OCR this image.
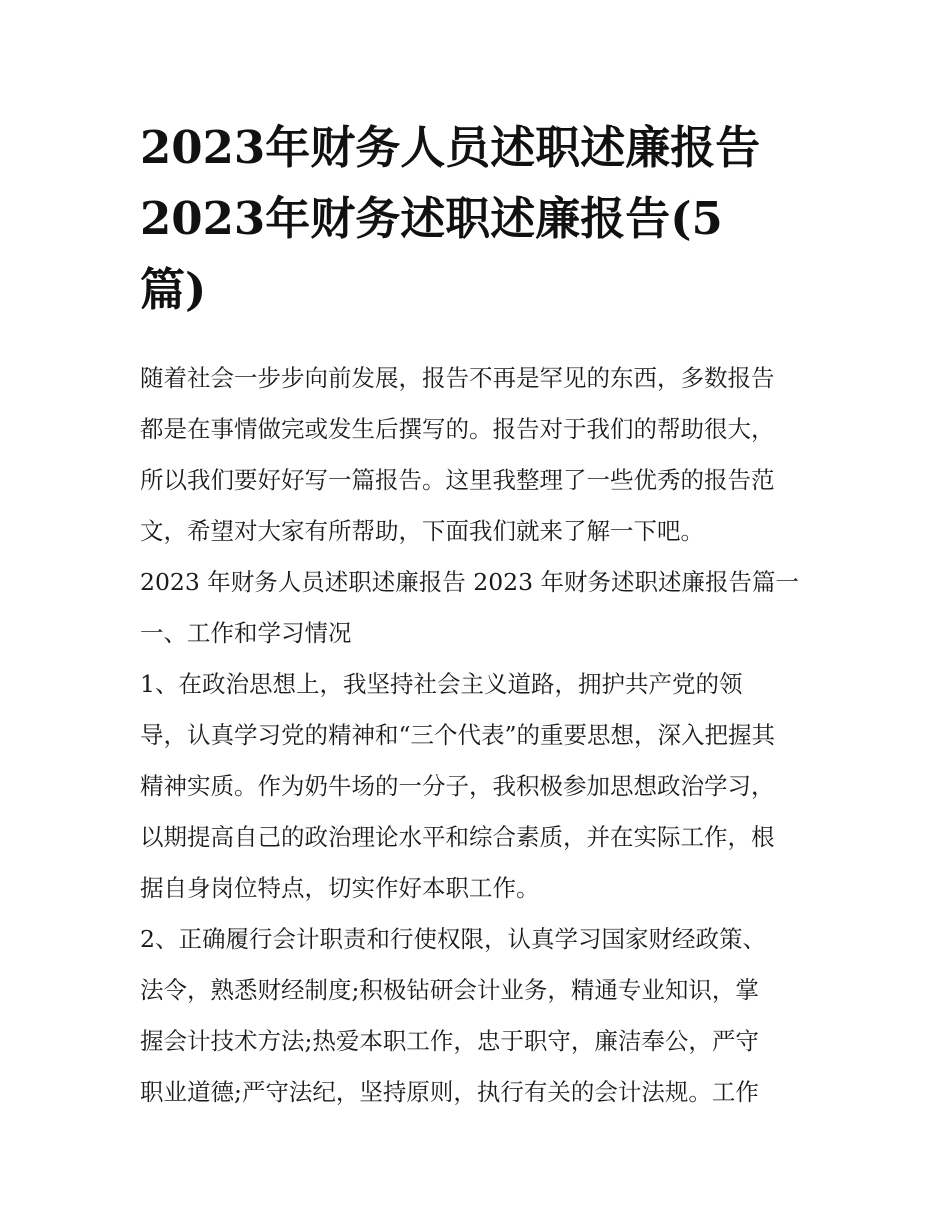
2023年财务人员述职述廉报告
2023年财务述职述廉报告(5
篇)
随着社会一步步向前发展，报告不再是罕见的东西，多数报告
都是在事情做完或发生后撰写的。报告对于我们的帮助很大，
所以我们要好好写一篇报告。这里我整理了一些优秀的报告范
文，希望对大家有所帮助，下面我们就来了解一下吧。
2023 年财务人员述职述廉报告 2023 年财务述职述廉报告篇一
一、工作和学习情况
1、在政治思想上，我坚持社会主义道路，拥护共产党的领
导，认真学习党的精神和“三个代表”的重要思想，深入把握其
精神实质。作为奶牛场的一分子，我积极参加思想政治学习，
以期提高自己的政治理论水平和综合素质，并在实际工作，根
据自身岗位特点，切实作好本职工作。
2、正确履行会计职责和行使权限，认真学习国家财经政策、
法令，熟悉财经制度;积极钻研会计业务，精通专业知识，掌
握会计技术方法;热爱本职工作，忠于职守，廉洁奉公，严守
职业道德;严守法纪，坚持原则，执行有关的会计法规。工作
